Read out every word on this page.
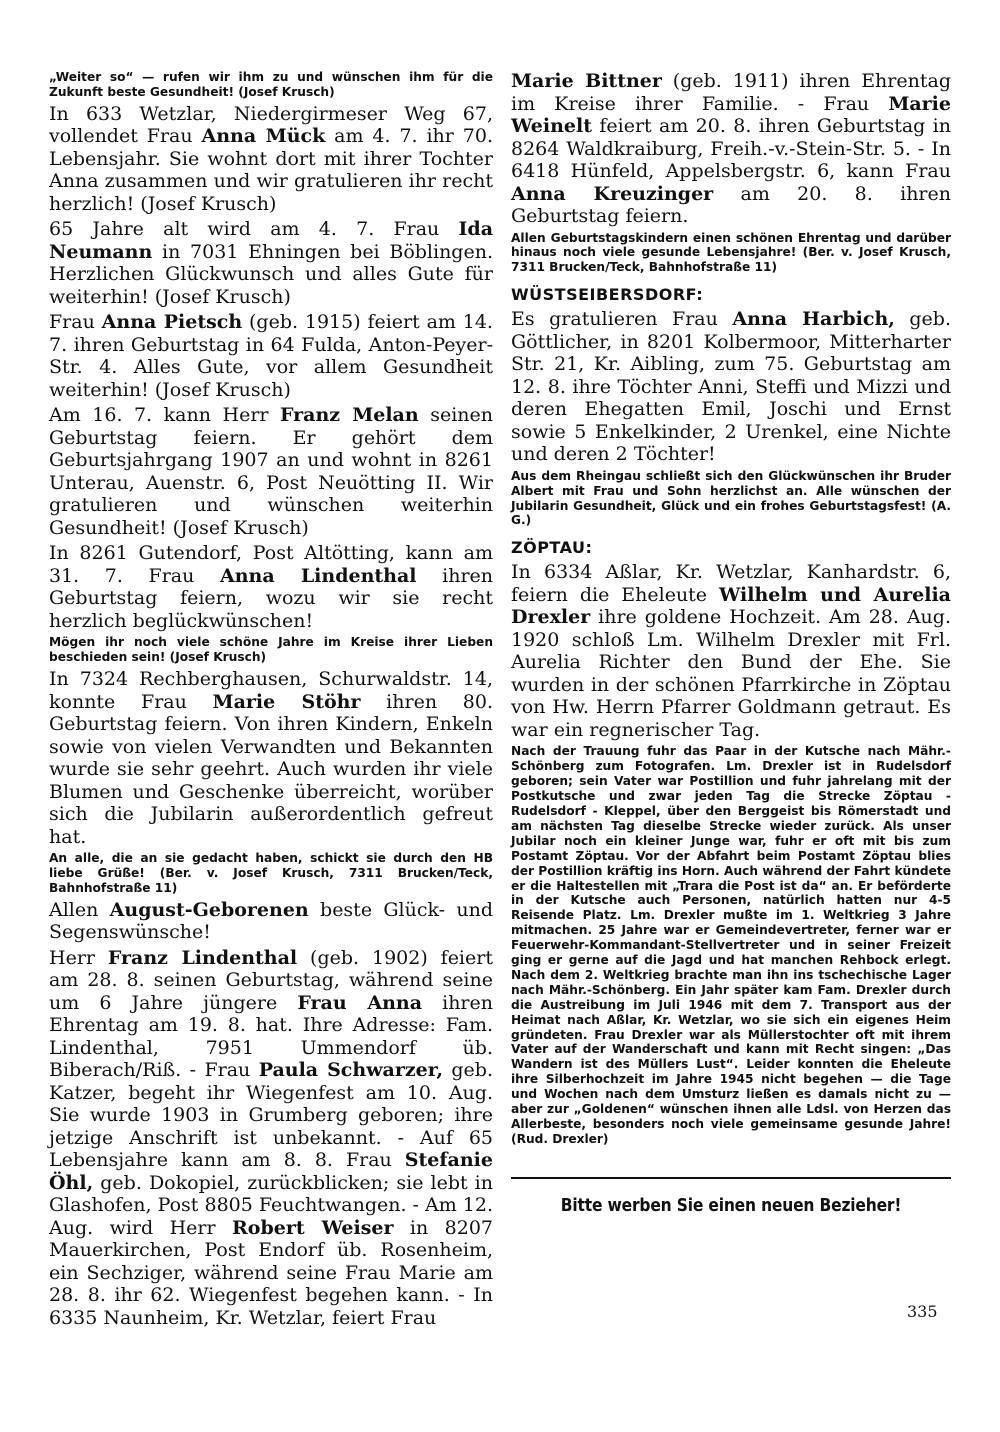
„Weiter so“ — rufen wir ihm zu und wünschen ihm für die Zukunft beste Gesundheit! (Josef Krusch)

In 633 Wetzlar, Niedergirmeser Weg 67, vollendet Frau Anna Mück am 4. 7. ihr 70. Lebensjahr. Sie wohnt dort mit ihrer Tochter Anna zusammen und wir gratulieren ihr recht herzlich! (Josef Krusch)

65 Jahre alt wird am 4. 7. Frau Ida Neumann in 7031 Ehningen bei Böblingen. Herzlichen Glückwunsch und alles Gute für weiterhin! (Josef Krusch)

Frau Anna Pietsch (geb. 1915) feiert am 14. 7. ihren Geburtstag in 64 Fulda, Anton-Peyer-Str. 4. Alles Gute, vor allem Gesundheit weiterhin! (Josef Krusch)

Am 16. 7. kann Herr Franz Melan seinen Geburtstag feiern. Er gehört dem Geburtsjahrgang 1907 an und wohnt in 8261 Unterau, Auenstr. 6, Post Neuötting II. Wir gratulieren und wünschen weiterhin Gesundheit! (Josef Krusch)

In 8261 Gutendorf, Post Altötting, kann am 31. 7. Frau Anna Lindenthal ihren Geburtstag feiern, wozu wir sie recht herzlich beglückwünschen!

Mögen ihr noch viele schöne Jahre im Kreise ihrer Lieben beschieden sein! (Josef Krusch)

In 7324 Rechberghausen, Schurwaldstr. 14, konnte Frau Marie Stöhr ihren 80. Geburtstag feiern. Von ihren Kindern, Enkeln sowie von vielen Verwandten und Bekannten wurde sie sehr geehrt. Auch wurden ihr viele Blumen und Geschenke überreicht, worüber sich die Jubilarin außerordentlich gefreut hat.

An alle, die an sie gedacht haben, schickt sie durch den HB liebe Grüße! (Ber. v. Josef Krusch, 7311 Brucken/Teck, Bahnhofstraße 11)

Allen August-Geborenen beste Glück- und Segenswünsche!

Herr Franz Lindenthal (geb. 1902) feiert am 28. 8. seinen Geburtstag, während seine um 6 Jahre jüngere Frau Anna ihren Ehrentag am 19. 8. hat. Ihre Adresse: Fam. Lindenthal, 7951 Ummendorf üb. Biberach/Riß. - Frau Paula Schwarzer, geb. Katzer, begeht ihr Wiegenfest am 10. Aug. Sie wurde 1903 in Grumberg geboren; ihre jetzige Anschrift ist unbekannt. - Auf 65 Lebensjahre kann am 8. 8. Frau Stefanie Öhl, geb. Dokopiel, zurückblicken; sie lebt in Glashofen, Post 8805 Feuchtwangen. - Am 12. Aug. wird Herr Robert Weiser in 8207 Mauerkirchen, Post Endorf üb. Rosenheim, ein Sechziger, während seine Frau Marie am 28. 8. ihr 62. Wiegenfest begehen kann. - In 6335 Naunheim, Kr. Wetzlar, feiert Frau

Marie Bittner (geb. 1911) ihren Ehrentag im Kreise ihrer Familie. - Frau Marie Weinelt feiert am 20. 8. ihren Geburtstag in 8264 Waldkraiburg, Freih.-v.-Stein-Str. 5. - In 6418 Hünfeld, Appelsbergstr. 6, kann Frau Anna Kreuzinger am 20. 8. ihren Geburtstag feiern.

Allen Geburtstagskindern einen schönen Ehrentag und darüber hinaus noch viele gesunde Lebensjahre! (Ber. v. Josef Krusch, 7311 Brucken/Teck, Bahnhofstraße 11)

WÜSTSEIBERSDORF:

Es gratulieren Frau Anna Harbich, geb. Göttlicher, in 8201 Kolbermoor, Mitterharter Str. 21, Kr. Aibling, zum 75. Geburtstag am 12. 8. ihre Töchter Anni, Steffi und Mizzi und deren Ehegatten Emil, Joschi und Ernst sowie 5 Enkelkinder, 2 Urenkel, eine Nichte und deren 2 Töchter!

Aus dem Rheingau schließt sich den Glückwünschen ihr Bruder Albert mit Frau und Sohn herzlichst an. Alle wünschen der Jubilarin Gesundheit, Glück und ein frohes Geburtstagsfest! (A. G.)

ZÖPTAU:

In 6334 Aßlar, Kr. Wetzlar, Kanhardstr. 6, feiern die Eheleute Wilhelm und Aurelia Drexler ihre goldene Hochzeit. Am 28. Aug. 1920 schloß Lm. Wilhelm Drexler mit Frl. Aurelia Richter den Bund der Ehe. Sie wurden in der schönen Pfarrkirche in Zöptau von Hw. Herrn Pfarrer Goldmann getraut. Es war ein regnerischer Tag.

Nach der Trauung fuhr das Paar in der Kutsche nach Mähr.-Schönberg zum Fotografen. Lm. Drexler ist in Rudelsdorf geboren; sein Vater war Postillion und fuhr jahrelang mit der Postkutsche und zwar jeden Tag die Strecke Zöptau - Rudelsdorf - Kleppel, über den Berggeist bis Römerstadt und am nächsten Tag dieselbe Strecke wieder zurück. Als unser Jubilar noch ein kleiner Junge war, fuhr er oft mit bis zum Postamt Zöptau. Vor der Abfahrt beim Postamt Zöptau blies der Postillion kräftig ins Horn. Auch während der Fahrt kündete er die Haltestellen mit „Trara die Post ist da“ an. Er beförderte in der Kutsche auch Personen, natürlich hatten nur 4-5 Reisende Platz. Lm. Drexler mußte im 1. Weltkrieg 3 Jahre mitmachen. 25 Jahre war er Gemeindevertreter, ferner war er Feuerwehr-Kommandant-Stellvertreter und in seiner Freizeit ging er gerne auf die Jagd und hat manchen Rehbock erlegt. Nach dem 2. Weltkrieg brachte man ihn ins tschechische Lager nach Mähr.-Schönberg. Ein Jahr später kam Fam. Drexler durch die Austreibung im Juli 1946 mit dem 7. Transport aus der Heimat nach Aßlar, Kr. Wetzlar, wo sie sich ein eigenes Heim gründeten. Frau Drexler war als Müllerstochter oft mit ihrem Vater auf der Wanderschaft und kann mit Recht singen: „Das Wandern ist des Müllers Lust“. Leider konnten die Eheleute ihre Silberhochzeit im Jahre 1945 nicht begehen — die Tage und Wochen nach dem Umsturz ließen es damals nicht zu — aber zur „Goldenen“ wünschen ihnen alle Ldsl. von Herzen das Allerbeste, besonders noch viele gemeinsame gesunde Jahre! (Rud. Drexler)

Bitte werben Sie einen neuen Bezieher!
335
